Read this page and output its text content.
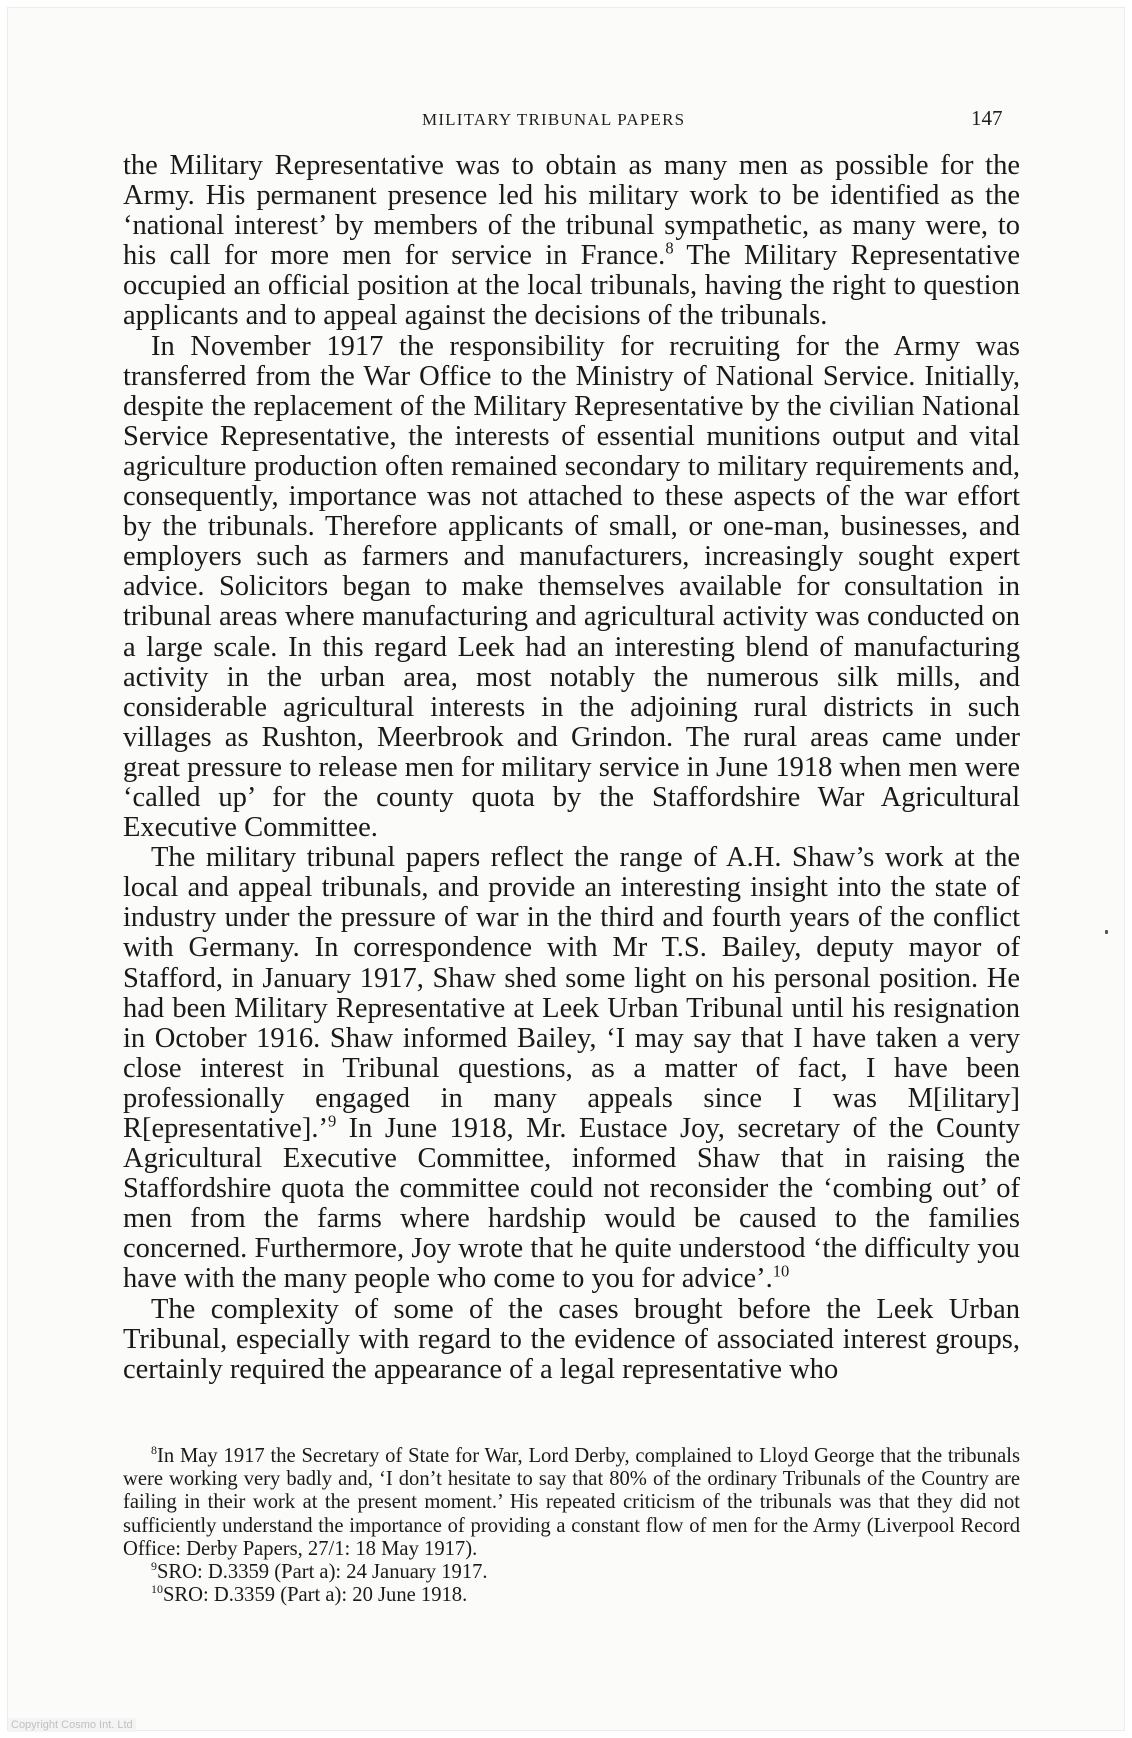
MILITARY TRIBUNAL PAPERS	147

the Military Representative was to obtain as many men as possible for the Army. His permanent presence led his military work to be identified as the ‘national interest’ by members of the tribunal sympathetic, as many were, to his call for more men for service in France.$^8$ The Military Representative occupied an official position at the local tribunals, having the right to question applicants and to appeal against the decisions of the tribunals.

In November 1917 the responsibility for recruiting for the Army was transferred from the War Office to the Ministry of National Service. Initially, despite the replacement of the Military Representative by the civilian National Service Representative, the interests of essential munitions output and vital agriculture production often remained secondary to military requirements and, consequently, importance was not attached to these aspects of the war effort by the tribunals. Therefore applicants of small, or one-man, businesses, and employers such as farmers and manufacturers, increasingly sought expert advice. Solicitors began to make themselves available for consultation in tribunal areas where manufacturing and agricultural activity was conducted on a large scale. In this regard Leek had an interesting blend of manufacturing activity in the urban area, most notably the numerous silk mills, and considerable agricultural interests in the adjoining rural districts in such villages as Rushton, Meerbrook and Grindon. The rural areas came under great pressure to release men for military service in June 1918 when men were ‘called up’ for the county quota by the Staffordshire War Agricultural Executive Committee.

The military tribunal papers reflect the range of A.H. Shaw’s work at the local and appeal tribunals, and provide an interesting insight into the state of industry under the pressure of war in the third and fourth years of the conflict with Germany. In correspondence with Mr T.S. Bailey, deputy mayor of Stafford, in January 1917, Shaw shed some light on his personal position. He had been Military Representative at Leek Urban Tribunal until his resignation in October 1916. Shaw informed Bailey, ‘I may say that I have taken a very close interest in Tribunal questions, as a matter of fact, I have been professionally engaged in many appeals since I was M[ilitary] R[epresentative].’$^9$ In June 1918, Mr. Eustace Joy, secretary of the County Agricultural Executive Committee, informed Shaw that in raising the Staffordshire quota the committee could not reconsider the ‘combing out’ of men from the farms where hardship would be caused to the families concerned. Furthermore, Joy wrote that he quite understood ‘the difficulty you have with the many people who come to you for advice’.$^{10}$

The complexity of some of the cases brought before the Leek Urban Tribunal, especially with regard to the evidence of associated interest groups, certainly required the appearance of a legal representative who

$^8$In May 1917 the Secretary of State for War, Lord Derby, complained to Lloyd George that the tribunals were working very badly and, ‘I don’t hesitate to say that 80% of the ordinary Tribunals of the Country are failing in their work at the present moment.’ His repeated criticism of the tribunals was that they did not sufficiently understand the importance of providing a constant flow of men for the Army (Liverpool Record Office: Derby Papers, 27/1: 18 May 1917).

$^9$SRO: D.3359 (Part a): 24 January 1917.

$^{10}$SRO: D.3359 (Part a): 20 June 1918.

Copyright Cosmo Int. Ltd
